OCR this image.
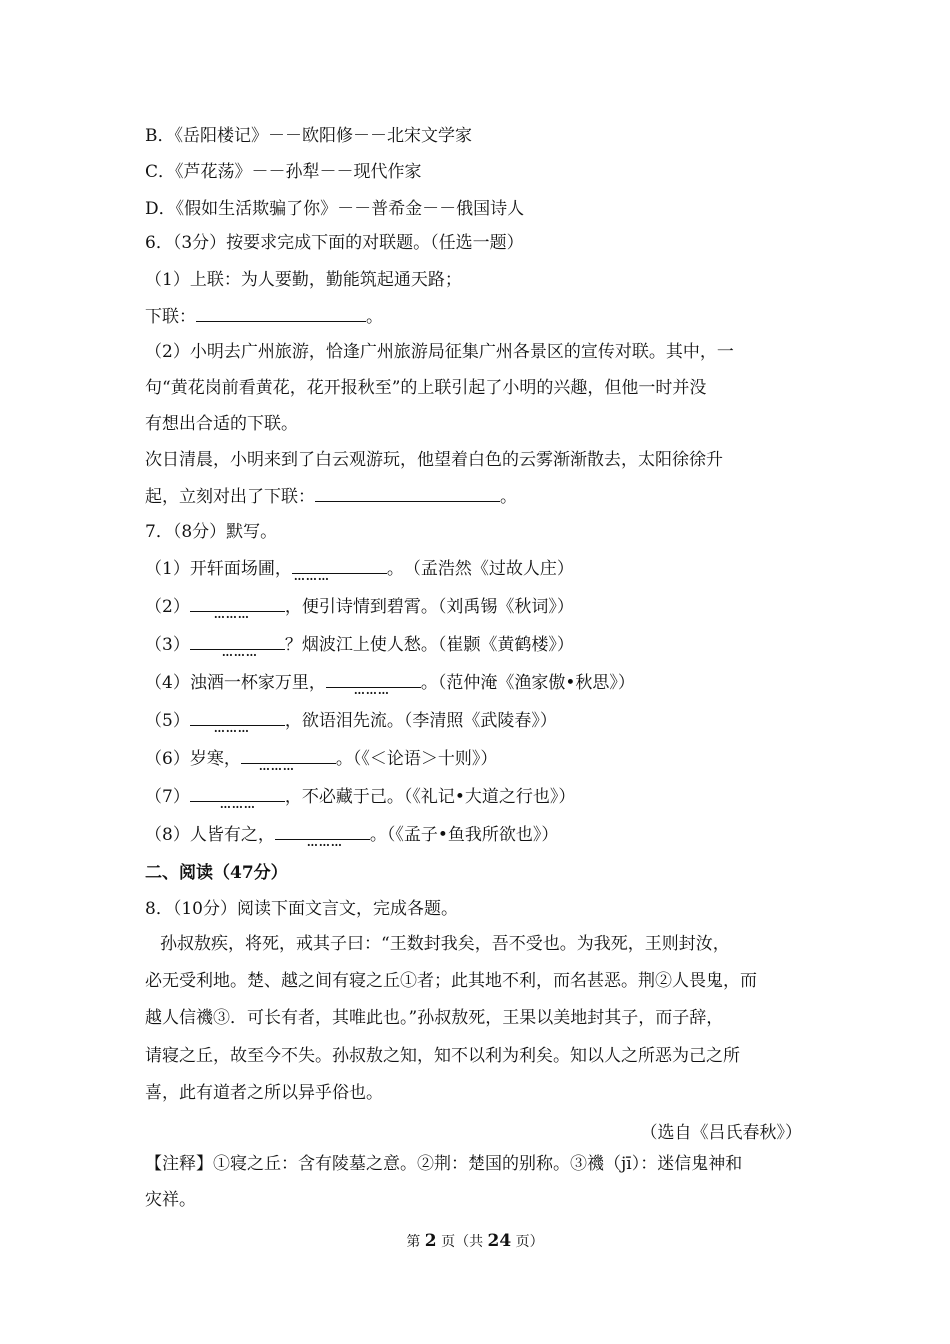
B．《岳阳楼记》－－欧阳修－－北宋文学家
C．《芦花荡》－－孙犁－－现代作家
D．《假如生活欺骗了你》－－普希金－－俄国诗人
6．（3分）按要求完成下面的对联题。（任选一题）
（1）上联：为人要勤，勤能筑起通天路；
下联：	。
（2）小明去广州旅游，恰逢广州旅游局征集广州各景区的宣传对联。其中，一
句“黄花岗前看黄花，花开报秋至”的上联引起了小明的兴趣，但他一时并没
有想出合适的下联。
次日清晨，小明来到了白云观游玩，他望着白色的云雾渐渐散去，太阳徐徐升
起，立刻对出了下联：	。
7．（8分）默写。
（1）开轩面场圃， ………	。　（孟浩然《过故人庄）
（2） ……… ，便引诗情到碧霄。（刘禹锡《秋词》）
（3）	……… ？烟波江上使人愁。（崔颢《黄鹤楼》）
（4）浊酒一杯家万里，	……… 。（范仲淹《渔家傲•秋思》）
（5） ……… ，欲语泪先流。（李清照《武陵春》）
（6）岁寒， ……… 。（《＜论语＞十则》）
（7）	……… ，不必藏于己。（《礼记•大道之行也》）
（8）人皆有之，	……… 。（《孟子•鱼我所欲也》）
二、阅读（47分）
8．（10分）阅读下面文言文，完成各题。
孙叔敖疾，将死，戒其子曰：“王数封我矣，吾不受也。为我死，王则封汝，
必无受利地。楚、越之间有寝之丘①者；此其地不利，而名甚恶。荆②人畏鬼，而
越人信禨③．可长有者，其唯此也。”孙叔敖死，王果以美地封其子，而子辞，
请寝之丘，故至今不失。孙叔敖之知，知不以利为利矣。知以人之所恶为己之所
喜，此有道者之所以异乎俗也。
（选自《吕氏春秋》）
【注释】①寝之丘：含有陵墓之意。②荆：楚国的别称。③禨（jī）：迷信鬼神和
灾祥。
第 2 页（共 24 页）
